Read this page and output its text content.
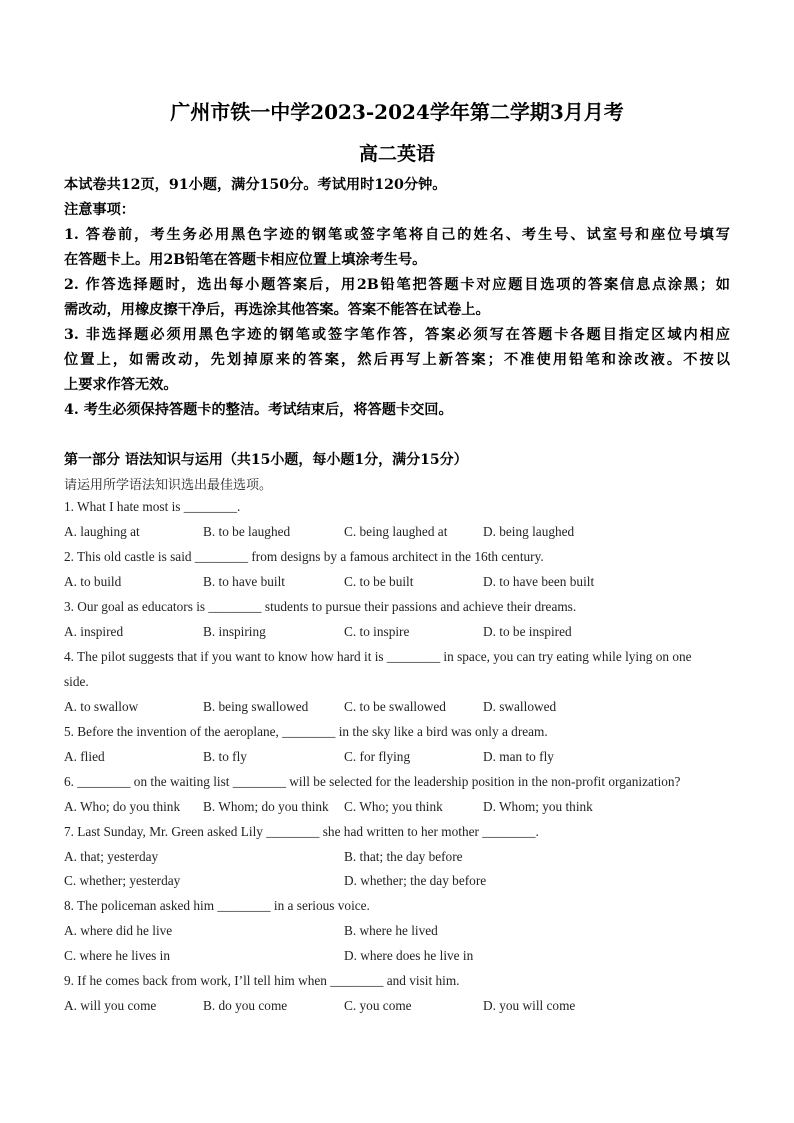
广州市铁一中学2023-2024学年第二学期3月月考
高二英语
本试卷共12页，91小题，满分150分。考试用时120分钟。
注意事项：
1. 答卷前，考生务必用黑色字迹的钢笔或签字笔将自己的姓名、考生号、试室号和座位号填写
在答题卡上。用2B铅笔在答题卡相应位置上填涂考生号。
2. 作答选择题时，选出每小题答案后，用2B铅笔把答题卡对应题目选项的答案信息点涂黑；如
需改动，用橡皮擦干净后，再选涂其他答案。答案不能答在试卷上。
3. 非选择题必须用黑色字迹的钢笔或签字笔作答，答案必须写在答题卡各题目指定区域内相应
位置上，如需改动，先划掉原来的答案，然后再写上新答案；不准使用铅笔和涂改液。不按以
上要求作答无效。
4. 考生必须保持答题卡的整洁。考试结束后，将答题卡交回。
第一部分 语法知识与运用（共15小题，每小题1分，满分15分）
请运用所学语法知识选出最佳选项。
1. What I hate most is ________.
A. laughing at	B. to be laughed	C. being laughed at	D. being laughed
2. This old castle is said ________ from designs by a famous architect in the 16th century.
A. to build	B. to have built	C. to be built	D. to have been built
3. Our goal as educators is ________ students to pursue their passions and achieve their dreams.
A. inspired	B. inspiring	C. to inspire	D. to be inspired
4. The pilot suggests that if you want to know how hard it is ________ in space, you can try eating while lying on one
side.
A. to swallow	B. being swallowed	C. to be swallowed	D. swallowed
5. Before the invention of the aeroplane, ________ in the sky like a bird was only a dream.
A. flied	B. to fly	C. for flying	D. man to fly
6. ________ on the waiting list ________ will be selected for the leadership position in the non-profit organization?
A. Who; do you think B. Whom; do you think C. Who; you think	D. Whom; you think
7. Last Sunday, Mr. Green asked Lily ________ she had written to her mother ________.
A. that; yesterday	B. that; the day before
C. whether; yesterday	D. whether; the day before
8. The policeman asked him ________ in a serious voice.
A. where did he live	B. where he lived
C. where he lives in	D. where does he live in
9. If he comes back from work, I’ll tell him when ________ and visit him.
A. will you come	B. do you come	C. you come	D. you will come
